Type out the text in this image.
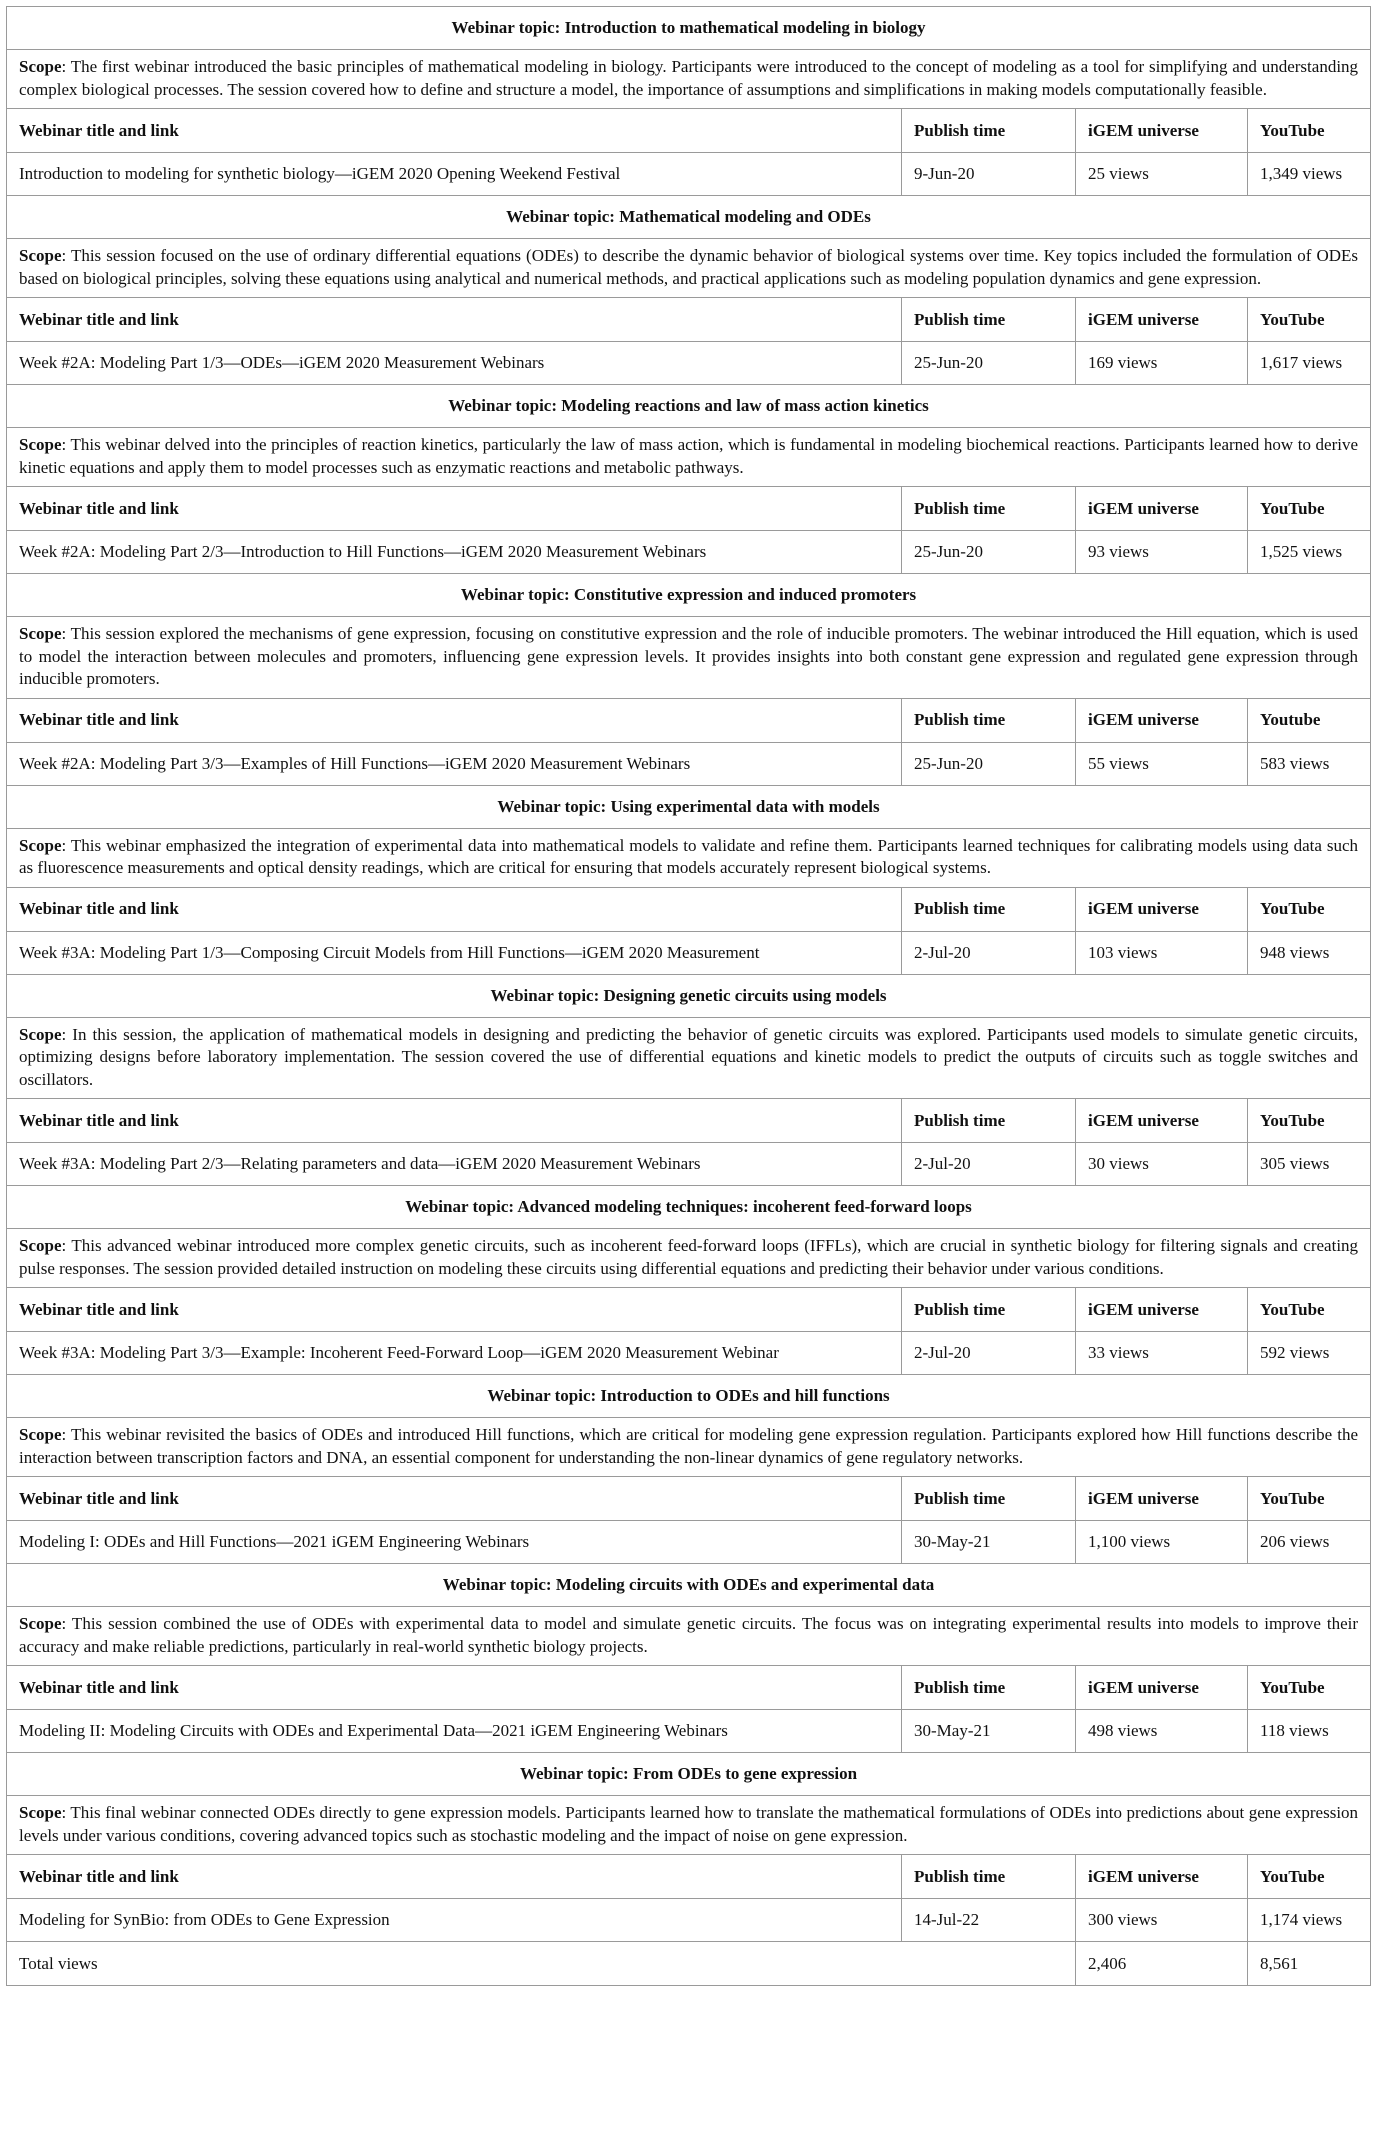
Webinar topic: Introduction to mathematical modeling in biology			
Scope: The first webinar introduced the basic principles of mathematical modeling in biology. Participants were introduced to the concept of modeling as a tool for simplifying and understanding complex biological processes. The session covered how to define and structure a model, the importance of assumptions and simplifications in making models computationally feasible.			
Webinar title and link	Publish time	iGEM universe	YouTube
Introduction to modeling for synthetic biology—iGEM 2020 Opening Weekend Festival	9-Jun-20	25 views	1,349 views
Webinar topic: Mathematical modeling and ODEs			
Scope: This session focused on the use of ordinary differential equations (ODEs) to describe the dynamic behavior of biological systems over time. Key topics included the formulation of ODEs based on biological principles, solving these equations using analytical and numerical methods, and practical applications such as modeling population dynamics and gene expression.			
Webinar title and link	Publish time	iGEM universe	YouTube
Week #2A: Modeling Part 1/3—ODEs—iGEM 2020 Measurement Webinars	25-Jun-20	169 views	1,617 views
Webinar topic: Modeling reactions and law of mass action kinetics			
Scope: This webinar delved into the principles of reaction kinetics, particularly the law of mass action, which is fundamental in modeling biochemical reactions. Participants learned how to derive kinetic equations and apply them to model processes such as enzymatic reactions and metabolic pathways.			
Webinar title and link	Publish time	iGEM universe	YouTube
Week #2A: Modeling Part 2/3—Introduction to Hill Functions—iGEM 2020 Measurement Webinars	25-Jun-20	93 views	1,525 views
Webinar topic: Constitutive expression and induced promoters			
Scope: This session explored the mechanisms of gene expression, focusing on constitutive expression and the role of inducible promoters. The webinar introduced the Hill equation, which is used to model the interaction between molecules and promoters, influencing gene expression levels. It provides insights into both constant gene expression and regulated gene expression through inducible promoters.			
Webinar title and link	Publish time	iGEM universe	Youtube
Week #2A: Modeling Part 3/3—Examples of Hill Functions—iGEM 2020 Measurement Webinars	25-Jun-20	55 views	583 views
Webinar topic: Using experimental data with models			
Scope: This webinar emphasized the integration of experimental data into mathematical models to validate and refine them. Participants learned techniques for calibrating models using data such as fluorescence measurements and optical density readings, which are critical for ensuring that models accurately represent biological systems.			
Webinar title and link	Publish time	iGEM universe	YouTube
Week #3A: Modeling Part 1/3—Composing Circuit Models from Hill Functions—iGEM 2020 Measurement	2-Jul-20	103 views	948 views
Webinar topic: Designing genetic circuits using models			
Scope: In this session, the application of mathematical models in designing and predicting the behavior of genetic circuits was explored. Participants used models to simulate genetic circuits, optimizing designs before laboratory implementation. The session covered the use of differential equations and kinetic models to predict the outputs of circuits such as toggle switches and oscillators.			
Webinar title and link	Publish time	iGEM universe	YouTube
Week #3A: Modeling Part 2/3—Relating parameters and data—iGEM 2020 Measurement Webinars	2-Jul-20	30 views	305 views
Webinar topic: Advanced modeling techniques: incoherent feed-forward loops			
Scope: This advanced webinar introduced more complex genetic circuits, such as incoherent feed-forward loops (IFFLs), which are crucial in synthetic biology for filtering signals and creating pulse responses. The session provided detailed instruction on modeling these circuits using differential equations and predicting their behavior under various conditions.			
Webinar title and link	Publish time	iGEM universe	YouTube
Week #3A: Modeling Part 3/3—Example: Incoherent Feed-Forward Loop—iGEM 2020 Measurement Webinar	2-Jul-20	33 views	592 views
Webinar topic: Introduction to ODEs and hill functions			
Scope: This webinar revisited the basics of ODEs and introduced Hill functions, which are critical for modeling gene expression regulation. Participants explored how Hill functions describe the interaction between transcription factors and DNA, an essential component for understanding the non-linear dynamics of gene regulatory networks.			
Webinar title and link	Publish time	iGEM universe	YouTube
Modeling I: ODEs and Hill Functions—2021 iGEM Engineering Webinars	30-May-21	1,100 views	206 views
Webinar topic: Modeling circuits with ODEs and experimental data			
Scope: This session combined the use of ODEs with experimental data to model and simulate genetic circuits. The focus was on integrating experimental results into models to improve their accuracy and make reliable predictions, particularly in real-world synthetic biology projects.			
Webinar title and link	Publish time	iGEM universe	YouTube
Modeling II: Modeling Circuits with ODEs and Experimental Data—2021 iGEM Engineering Webinars	30-May-21	498 views	118 views
Webinar topic: From ODEs to gene expression			
Scope: This final webinar connected ODEs directly to gene expression models. Participants learned how to translate the mathematical formulations of ODEs into predictions about gene expression levels under various conditions, covering advanced topics such as stochastic modeling and the impact of noise on gene expression.			
Webinar title and link	Publish time	iGEM universe	YouTube
Modeling for SynBio: from ODEs to Gene Expression	14-Jul-22	300 views	1,174 views
Total views		2,406	8,561
